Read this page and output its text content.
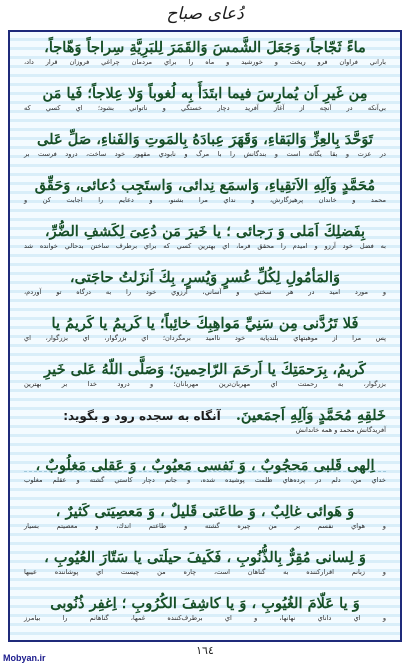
دُعای صباح
ماءً ثَجّاجاً، وَجَعَلَ الشَّمسَ وَالقَمَرَ لِلبَرِيَّةِ سِراجاً وَهّاجاً،
باراني فراوان فرو ريخت و خورشيد و ماه را براي مردمان چراغي فروزان قرار داد،
مِن غَيرِ اَن يُمارِسَ فيما ابتَدَأَ بِه لُغوباً وَلا عِلاجاً؛ فَيا مَن
بي‌آنكه در آنچه از آغاز آفريد دچار خستگي و ناتواني بشود؛ اي كسي كه
تَوَحَّدَ بِالعِزِّ وَالبَقاءِ، وَقَهَرَ عِبادَهُ بِالمَوتِ وَالفَناءِ، صَلِّ عَلى
در عزت و بقا يگانه است و بندگانش را با مرگ و نابودي مقهور خود ساخت، درود فرست بر
مُحَمَّدٍ وَآلِهِ الاَتقِياءِ، وَاسمَع نِدائى، وَاستَجِب دُعائى، وَحَقِّق
محمد و خاندان پرهيزگارش، و نداي مرا بشنو، و دعايم را اجابت كن و
بِفَضلِكَ اَمَلى وَ رَجائى ؛ يا خَيرَ مَن دُعِىَ لِكَشفِ الضُّرِّ،
به فضل خود آرزو و اميدم را محقق فرما، اي بهترين كسي كه براي برطرف ساختن بدحالي خوانده شد
وَالمَأمُولِ لِكُلِّ عُسرٍ وَيُسرٍ، بِكَ اَنزَلتُ حاجَتى،
و مورد اميد در هر سختي و آساني، آرزوي خود را به درگاه تو آوردم،
فَلا تَرُدَّنى مِن سَنِيِّ مَواهِبِكَ خائِباً؛ يا كَريمُ يا كَريمُ يا
پس مرا از موهبتهاي بلندپايه خود نااميد برمگردان؛ اي بزرگوار، اي بزرگوار، اي
كَريمُ، بِرَحمَتِكَ يا اَرحَمَ الرّاحِمينَ؛ وَصَلَّى اللّهُ عَلى خَيرِ
بزرگوار، به رحمتت اي مهربان‌ترين مهربانان؛ و درود خدا بر بهترين
خَلقِهِ مُحَمَّدٍ وَآلِهِ اَجمَعينَ. آنگاه به سجده رود و بگويد:
آفريدگانش محمد و همه خاندانش
اِلهى قَلبى مَحجُوبٌ ، وَ نَفسى مَعيُوبٌ ، وَ عَقلى مَغلُوبٌ ،
خداي من، دلم در پرده‌هاي ظلمت پوشيده شده، و جانم دچار كاستي گشته و عقلم مغلوب
وَ هَوائى غالِبٌ ، وَ طاعَتى قَليلٌ ، وَ مَعصِيَتى كَثيرٌ ،
و هواي نفسم بر من چيره گشته و طاعتم اندك، و معصيتم بسيار
وَ لِسانى مُقِرٌّ بِالذُّنُوبِ ، فَكَيفَ حيلَتى يا سَتّارَ العُيُوبِ ،
و زبانم اقراركننده به گناهان است، چاره من چيست اي پوشاننده عيبها
وَ يا عَلّامَ الغُيُوبِ ، وَ يا كاشِفَ الكُرُوبِ ؛ اِغفِر ذُنُوبى
و اي داناي نهانها، و اي برطرف‌كننده غمها، گناهانم را بيامرز
١٦٤
Mobyan.ir
